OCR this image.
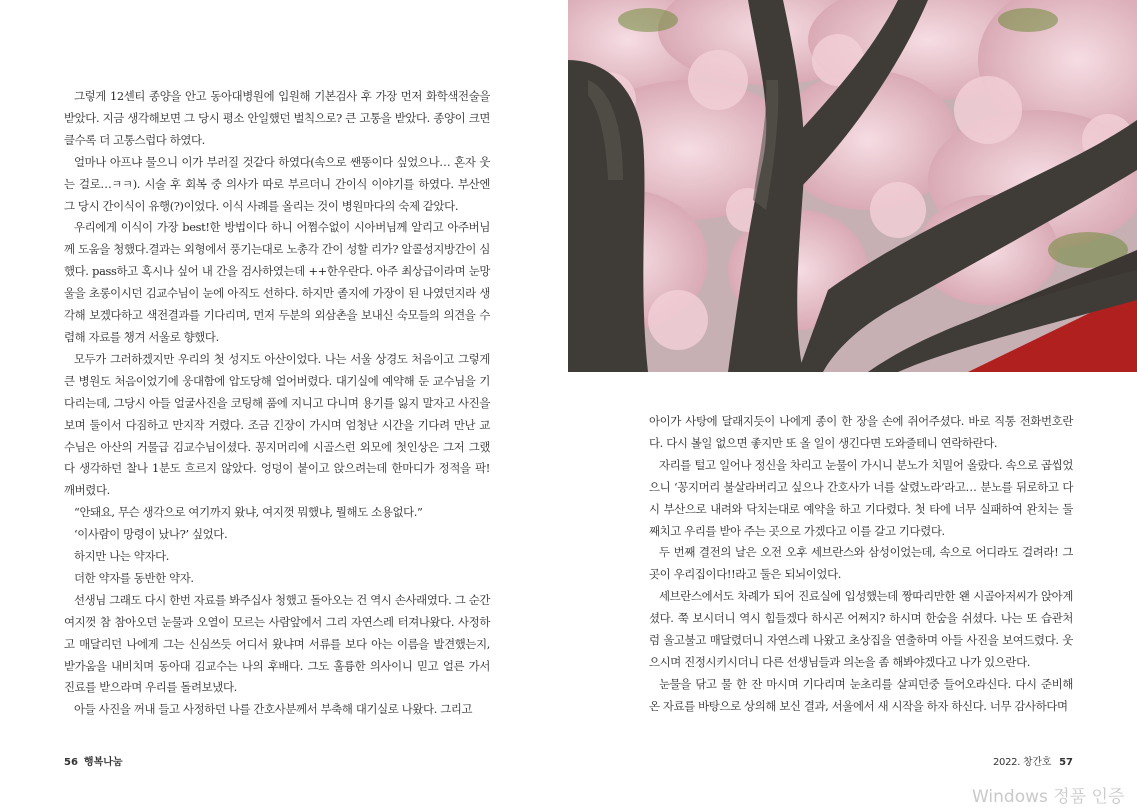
그렇게 12센티 종양을 안고 동아대병원에 입원해 기본검사 후 가장 먼저 화학색전술을 받았다. 지금 생각해보면 그 당시 평소 안일했던 벌칙으로? 큰 고통을 받았다. 종양이 크면 클수록 더 고통스럽다 하였다.

얼마나 아프냐 물으니 이가 부러질 것같다 하였다(속으로 쌘똥이다 싶었으나… 혼자 웃는 걸로…ㅋㅋ). 시술 후 회복 중 의사가 따로 부르더니 간이식 이야기를 하였다. 부산엔 그 당시 간이식이 유행(?)이었다. 이식 사례를 올리는 것이 병원마다의 숙제 같았다.

우리에게 이식이 가장 best!한 방법이다 하니 어쩜수없이 시아버님께 알리고 아주버님께 도움을 청했다.결과는 외형에서 풍기는대로 노총각 간이 성할 리가? 알콜성지방간이 심했다. pass하고 혹시나 싶어 내 간을 검사하였는데 ++한우란다. 아주 최상급이라며 눈망울을 초롱이시던 김교수님이 눈에 아직도 선하다. 하지만 졸지에 가장이 된 나였던지라 생각해 보겠다하고 색전결과를 기다리며, 먼저 두분의 외삼촌을 보내신 숙모들의 의견을 수렴해 자료를 챙겨 서울로 향했다.

모두가 그러하겠지만 우리의 첫 성지도 아산이었다. 나는 서울 상경도 처음이고 그렇게 큰 병원도 처음이었기에 웅대함에 압도당해 얼어버렸다. 대기실에 예약해 둔 교수님을 기다리는데, 그당시 아들 얼굴사진을 코팅해 품에 지니고 다니며 용기를 잃지 말자고 사진을 보며 둘이서 다짐하고 만지작 거렸다. 조금 긴장이 가시며 엄청난 시간을 기다려 만난 교수님은 아산의 거물급 김교수님이셨다. 꽁지머리에 시골스런 외모에 첫인상은 그저 그랬다 생각하던 찰나 1분도 흐르지 않았다. 엉덩이 붙이고 앉으려는데 한마디가 정적을 팍! 깨버렸다.

“안돼요, 무슨 생각으로 여기까지 왔냐, 여지껏 뭐했냐, 뭘해도 소용없다.”

‘이사람이 망령이 났나?’ 싶었다.

하지만 나는 약자다.

더한 약자를 동반한 약자.

선생님 그래도 다시 한번 자료를 봐주십사 청했고 돌아오는 건 역시 손사래였다. 그 순간 여지껏 참 참아오던 눈물과 오열이 모르는 사람앞에서 그리 자연스레 터져나왔다. 사정하고 매달리던 나에게 그는 신심쓰듯 어디서 왔냐며 서류를 보다 아는 이름을 발견했는지, 받가움을 내비치며 동아대 김교수는 나의 후배다. 그도 훌륭한 의사이니 믿고 얼른 가서 진료를 받으라며 우리를 돌려보냈다.

아들 사진을 꺼내 들고 사정하던 나를 간호사분께서 부축해 대기실로 나왔다. 그리고

아이가 사탕에 달래지듯이 나에게 종이 한 장을 손에 쥐어주셨다. 바로 직통 전화번호란다. 다시 볼일 없으면 좋지만 또 올 일이 생긴다면 도와줄테니 연락하란다.

자리를 털고 일어나 정신을 차리고 눈물이 가시니 분노가 치밀어 올랐다. 속으로 곱씹었으니 ‘꽁지머리 불살라버리고 싶으나 간호사가 너를 살렸노라’라고… 분노를 뒤로하고 다시 부산으로 내려와 닥치는대로 예약을 하고 기다렸다. 첫 타에 너무 실패하여 완치는 둘째치고 우리를 받아 주는 곳으로 가겠다고 이를 갈고 기다렸다.

두 번째 결전의 날은 오전 오후 세브란스와 삼성이었는데, 속으로 어디라도 걸려라! 그 곳이 우리집이다!!라고 둘은 되뇌이었다.

세브란스에서도 차례가 되어 진료실에 입성했는데 짱따리만한 왠 시골아저씨가 앉아계셨다. 쭉 보시더니 역시 힘들겠다 하시곤 어쩌지? 하시며 한숨을 쉬셨다. 나는 또 습관처럼 울고불고 매달렸더니 자연스레 나왔고 초상집을 연출하며 아들 사진을 보여드렸다. 웃으시며 진정시키시더니 다른 선생님들과 의논을 좀 해봐야겠다고 나가 있으란다.

눈물을 닦고 물 한 잔 마시며 기다리며 눈초리를 살피던중 들어오라신다. 다시 준비해 온 자료를 바탕으로 상의해 보신 결과, 서울에서 새 시작을 하자 하신다. 너무 감사하다며

56 행복나눔	2022. 창간호 57
Windows 정품 인증
